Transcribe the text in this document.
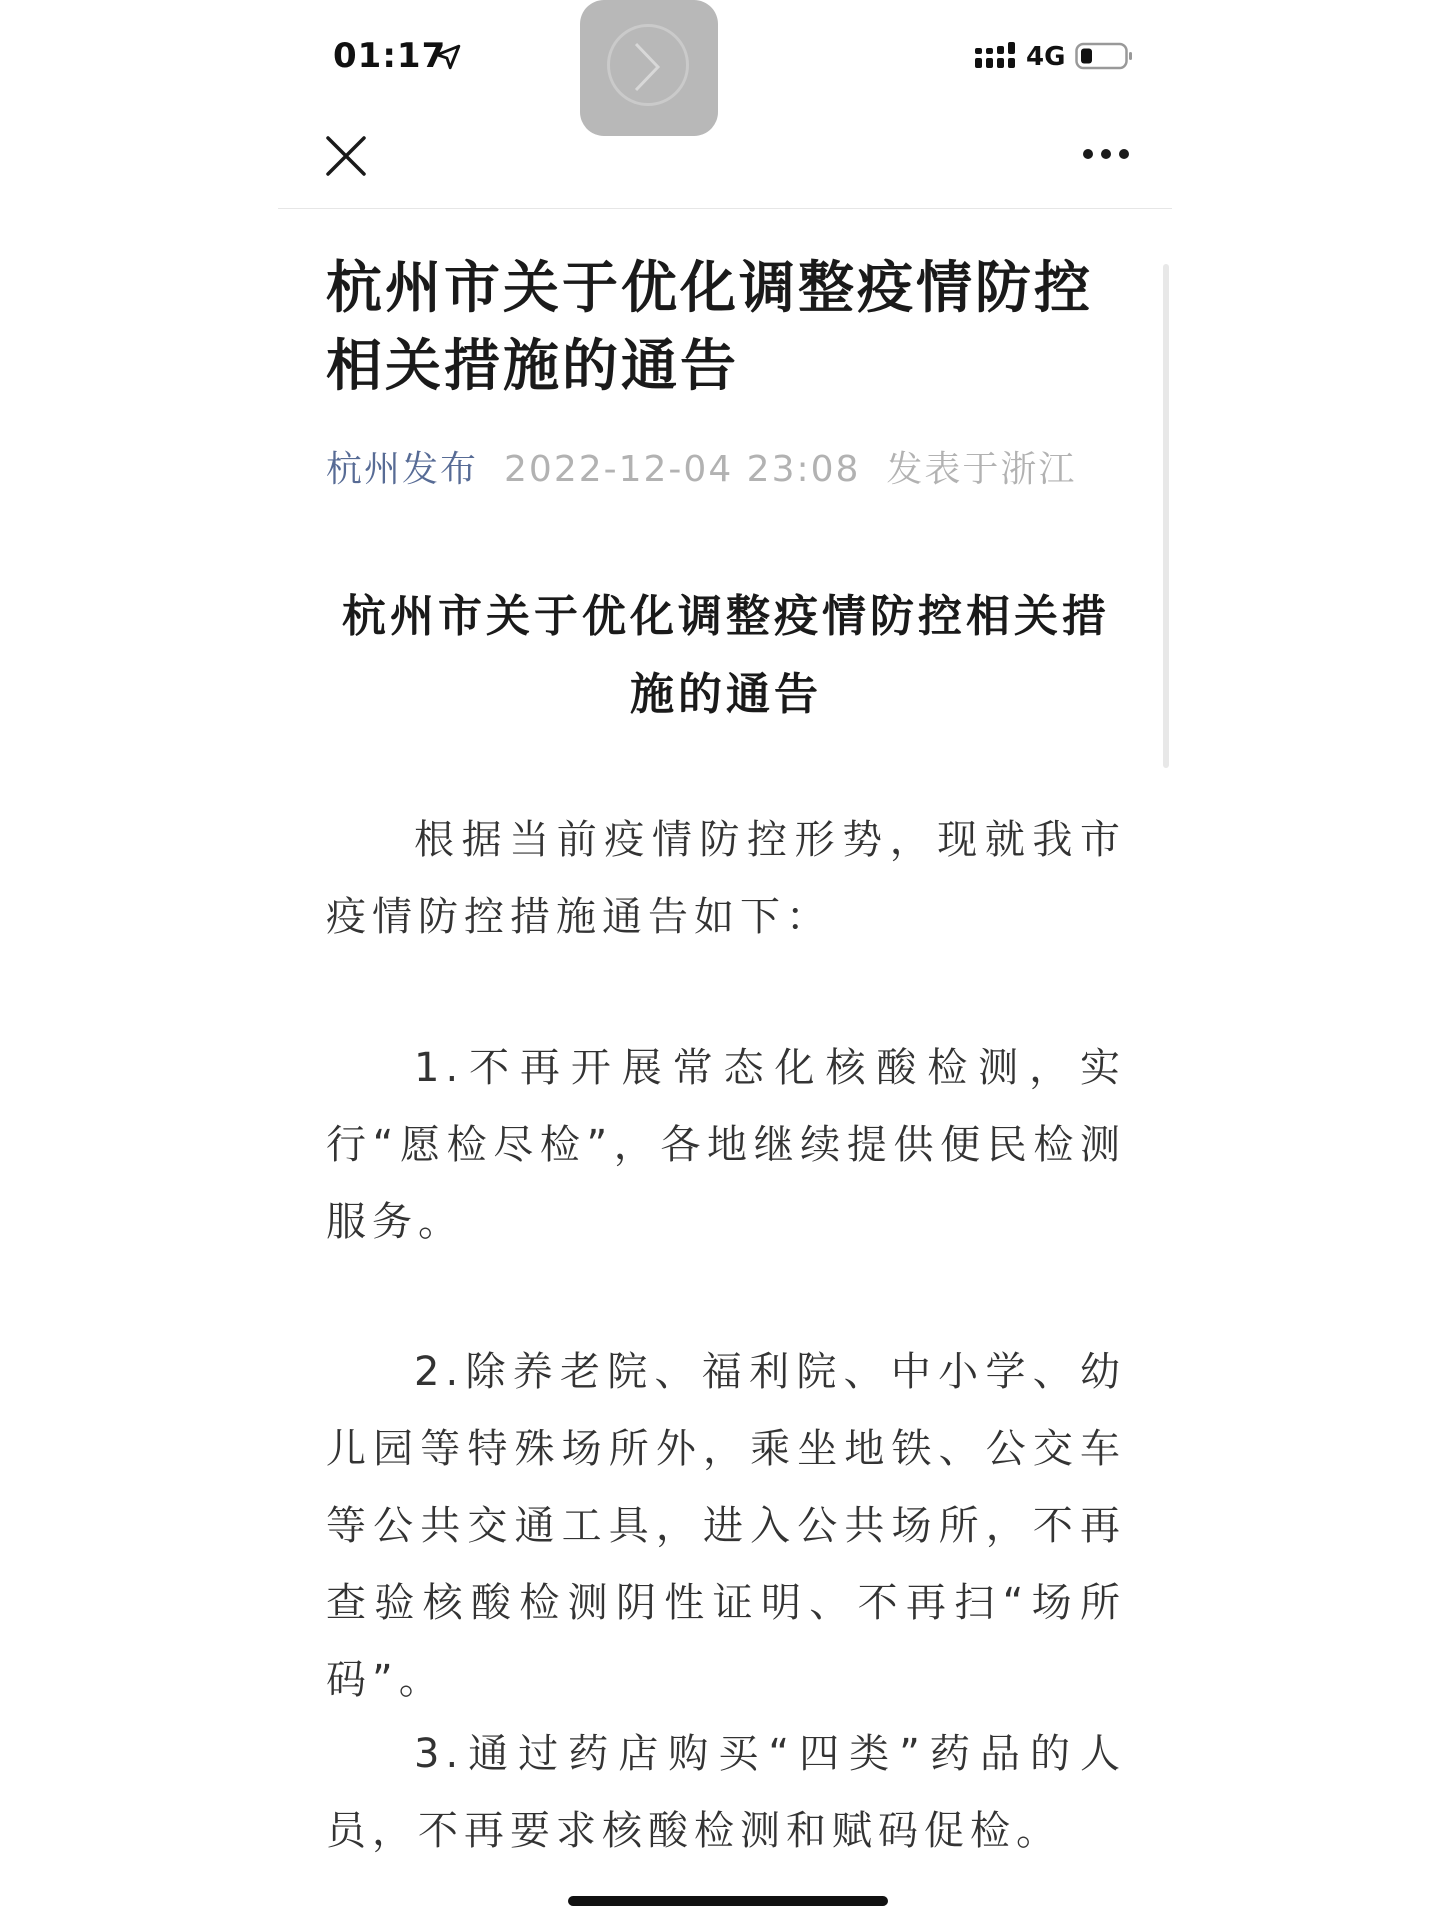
01:17	4G
杭州市关于优化调整疫情防控相关措施的通告
杭州发布 2022-12-04 23:08 发表于浙江
杭州市关于优化调整疫情防控相关措施的通告

根据当前疫情防控形势，现就我市疫情防控措施通告如下：

1.不再开展常态化核酸检测，实行“愿检尽检”，各地继续提供便民检测服务。

2.除养老院、福利院、中小学、幼儿园等特殊场所外，乘坐地铁、公交车等公共交通工具，进入公共场所，不再查验核酸检测阴性证明、不再扫“场所码”。

3.通过药店购买“四类”药品的人员，不再要求核酸检测和赋码促检。
